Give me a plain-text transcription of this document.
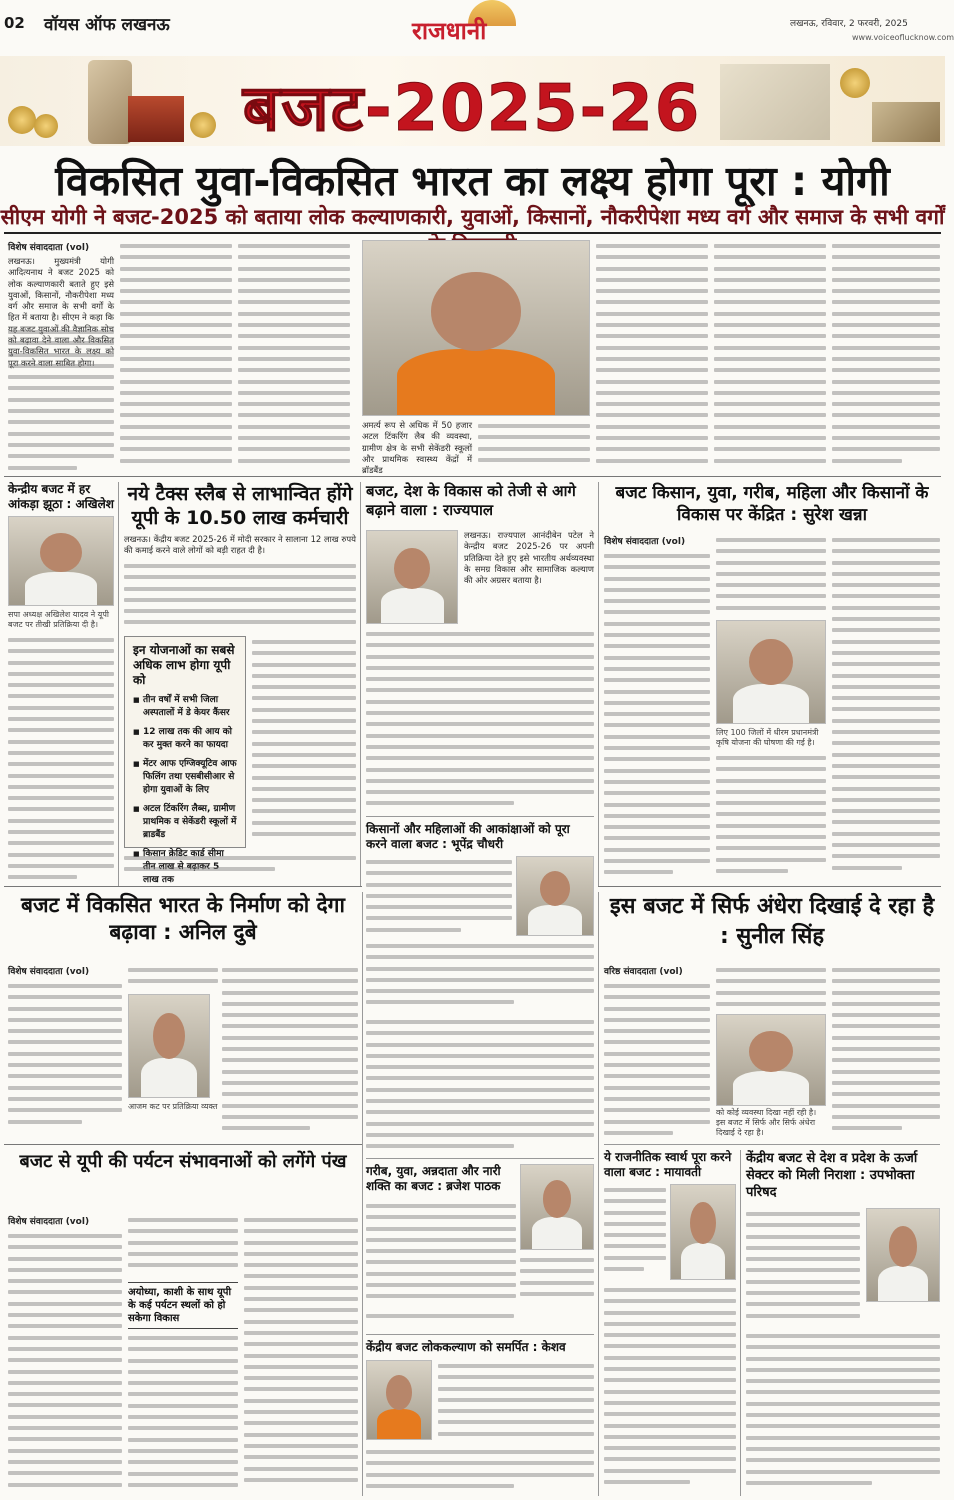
02 वॉयस ऑफ लखनऊ	राजधानी	लखनऊ, रविवार, 2 फरवरी, 2025
www.voiceoflucknow.com
बजट-2025-26
विकसित युवा-विकसित भारत का लक्ष्य होगा पूरा : योगी
सीएम योगी ने बजट-2025 को बताया लोक कल्याणकारी, युवाओं, किसानों, नौकरीपेशा मध्य वर्ग और समाज के सभी वर्गों
विशेष संवाददाता (vol)
लखनऊ। मुख्यमंत्री योगी आदित्यनाथ ने बजट 2025 को लोक कल्याणकारी बताते हुए इसे युवाओं, किसानों, नौकरीपेशा मध्य वर्ग और समाज के सभी वर्गों के हित में बताया है। सीएम ने कहा कि यह बजट युवाओं की वैज्ञानिक सोच को बढ़ावा देने वाला और विकसित युवा-विकसित भारत के लक्ष्य को पूरा करने वाला साबित होगा।
अमर्त्य रूप से अधिक में 50 हजार अटल टिंकरिंग लैब की व्यवस्था, ग्रामीण क्षेत्र के सभी सेकेंडरी स्कूलों और प्राथमिक स्वास्थ्य केंद्रों में ब्रॉडबैंड
केन्द्रीय बजट में हर आंकड़ा झूठा : अखिलेश
सपा अध्यक्ष अखिलेश यादव ने यूपी बजट पर तीखी प्रतिक्रिया दी है।
नये टैक्स स्लैब से लाभान्वित होंगे यूपी के 10.50 लाख कर्मचारी
लखनऊ। केंद्रीय बजट 2025-26 में मोदी सरकार ने सालाना 12 लाख रुपये की कमाई करने वाले लोगों को बड़ी राहत दी है।
इन योजनाओं का सबसे अधिक लाभ होगा यूपी को
■ तीन वर्षों में सभी जिला अस्पतालों में डे केयर कैंसर
■ 12 लाख तक की आय को कर मुक्त करने का फायदा
■ मेंटर आफ एग्जिक्यूटिव आफ फिलिंग तथा एसबीसीआर से होगा युवाओं के लिए
■ अटल टिंकरिंग लैब्स, ग्रामीण प्राथमिक व सेकेंडरी स्कूलों में ब्राडबैंड
■ किसान क्रेडिट कार्ड सीमा तीन लाख से बढ़ाकर 5 लाख तक
बजट, देश के विकास को तेजी से आगे बढ़ाने वाला : राज्यपाल
लखनऊ। राज्यपाल आनंदीबेन पटेल ने केन्द्रीय बजट 2025-26 पर अपनी प्रतिक्रिया देते हुए इसे भारतीय अर्थव्यवस्था के समग्र विकास और सामाजिक कल्याण की ओर अग्रसर बताया है।
किसानों और महिलाओं की आकांक्षाओं को पूरा करने वाला बजट : भूपेंद्र चौधरी
बजट किसान, युवा, गरीब, महिला और किसानों के विकास पर केंद्रित : सुरेश खन्ना
विशेष संवाददाता (vol)
लिए 100 जिलों में धीरम प्रधानमंत्री कृषि योजना की घोषणा की गई है।
बजट में विकसित भारत के निर्माण को देगा बढ़ावा : अनिल दुबे
विशेष संवाददाता (vol)
आजम कट पर प्रतिक्रिया व्यक्त
बजट से यूपी की पर्यटन संभावनाओं को लगेंगे पंख
विशेष संवाददाता (vol)
अयोध्या, काशी के साथ यूपी के कई पर्यटन स्थलों को हो सकेगा विकास
गरीब, युवा, अन्नदाता और नारी शक्ति का बजट : ब्रजेश पाठक
केंद्रीय बजट लोककल्याण को समर्पित : केशव
इस बजट में सिर्फ अंधेरा दिखाई दे रहा है : सुनील सिंह
वरिष्ठ संवाददाता (vol)
को कोई व्यवस्था दिखा नहीं रही है। इस बजट में सिर्फ और सिर्फ अंधेरा दिखाई दे रहा है।
ये राजनीतिक स्वार्थ पूरा करने वाला बजट : मायावती
केंद्रीय बजट से देश व प्रदेश के ऊर्जा सेक्टर को मिली निराशा : उपभोक्ता परिषद
